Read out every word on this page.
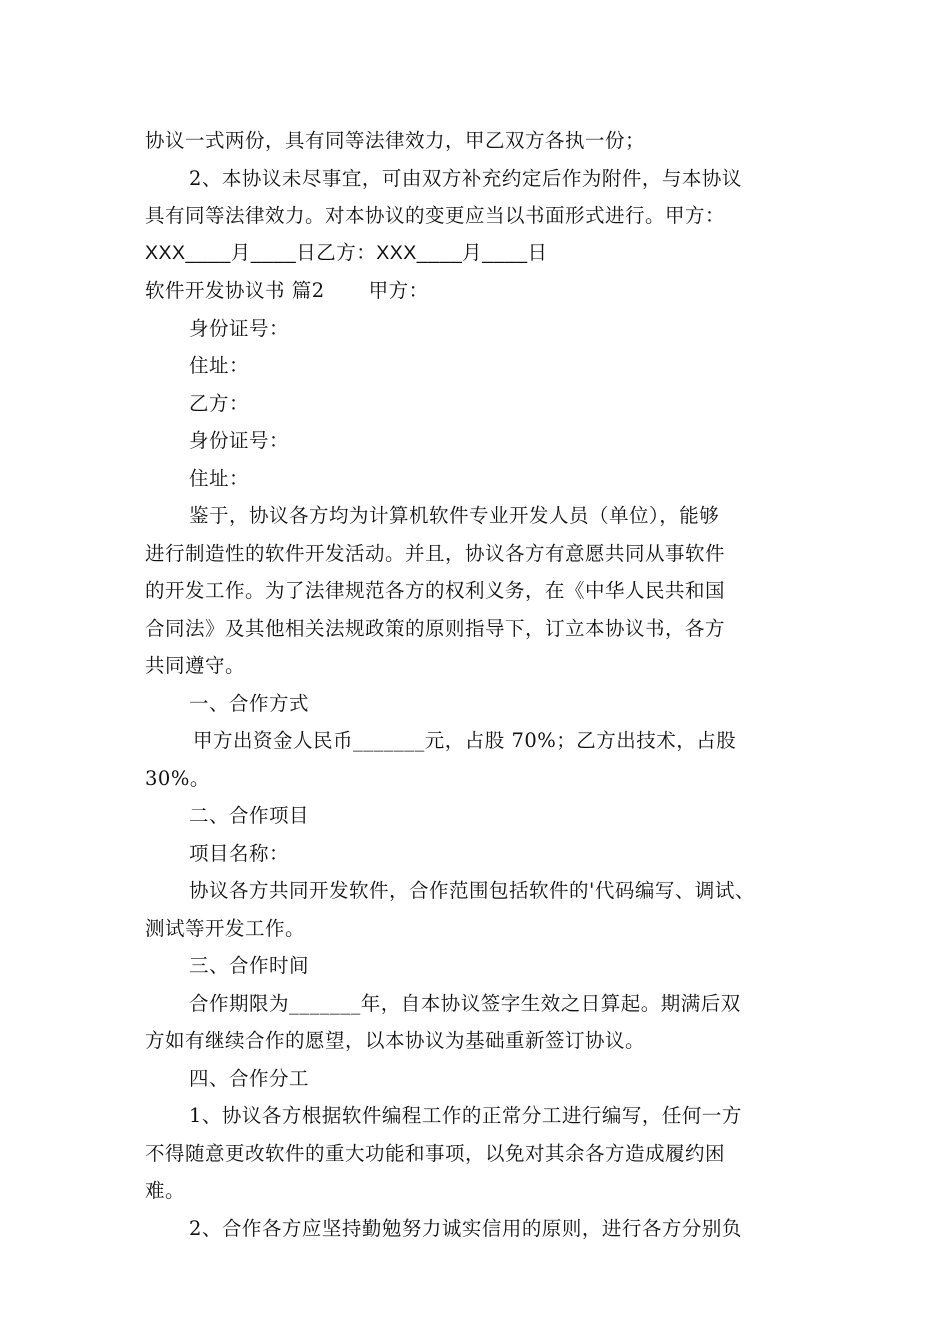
协议一式两份，具有同等法律效力，甲乙双方各执一份；
2、本协议未尽事宜，可由双方补充约定后作为附件，与本协议
具有同等法律效力。对本协议的变更应当以书面形式进行。甲方：
XXX____月____日乙方：XXX____月____日
软件开发协议书 篇2 甲方：
身份证号：
住址：
乙方：
身份证号：
住址：
鉴于，协议各方均为计算机软件专业开发人员（单位），能够
进行制造性的软件开发活动。并且，协议各方有意愿共同从事软件
的开发工作。为了法律规范各方的权利义务，在《中华人民共和国
合同法》及其他相关法规政策的原则指导下，订立本协议书，各方
共同遵守。
一、合作方式
甲方出资金人民币_______元，占股 70%；乙方出技术，占股
30%。
二、合作项目
项目名称：
协议各方共同开发软件，合作范围包括软件的'代码编写、调试、
测试等开发工作。
三、合作时间
合作期限为_______年，自本协议签字生效之日算起。期满后双
方如有继续合作的愿望，以本协议为基础重新签订协议。
四、合作分工
1、协议各方根据软件编程工作的正常分工进行编写，任何一方
不得随意更改软件的重大功能和事项，以免对其余各方造成履约困
难。
2、合作各方应坚持勤勉努力诚实信用的原则，进行各方分别负
